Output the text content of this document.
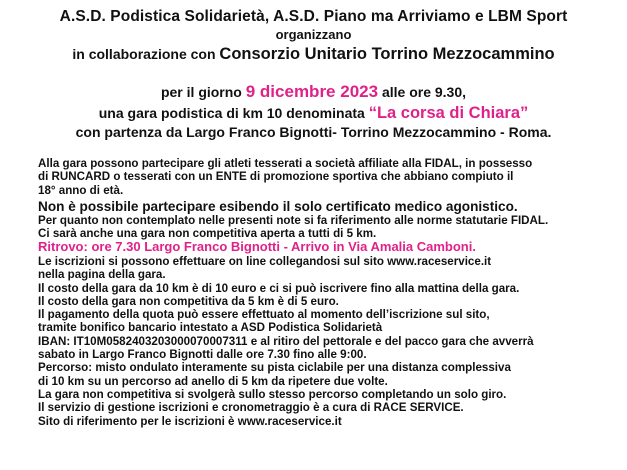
A.S.D. Podistica Solidarietà, A.S.D. Piano ma Arriviamo e LBM Sport
organizzano
in collaborazione con Consorzio Unitario Torrino Mezzocammino
per il giorno 9 dicembre 2023 alle ore 9.30,
una gara podistica di km 10 denominata “La corsa di Chiara”
con partenza da Largo Franco Bignotti- Torrino Mezzocammino - Roma.

Alla gara possono partecipare gli atleti tesserati a società affiliate alla FIDAL, in possesso

di RUNCARD o tesserati con un ENTE di promozione sportiva che abbiano compiuto il

18° anno di età.

Non è possibile partecipare esibendo il solo certificato medico agonistico.

Per quanto non contemplato nelle presenti note si fa riferimento alle norme statutarie FIDAL.

Ci sarà anche una gara non competitiva aperta a tutti di 5 km.

Ritrovo: ore 7.30 Largo Franco Bignotti - Arrivo in Via Amalia Camboni.

Le iscrizioni si possono effettuare on line collegandosi sul sito www.raceservice.it

nella pagina della gara.

Il costo della gara da 10 km è di 10 euro e ci si può iscrivere fino alla mattina della gara.

Il costo della gara non competitiva da 5 km è di 5 euro.

Il pagamento della quota può essere effettuato al momento dell’iscrizione sul sito,

tramite bonifico bancario intestato a ASD Podistica Solidarietà

IBAN: IT10M0582403203000070007311 e al ritiro del pettorale e del pacco gara che avverrà

sabato in Largo Franco Bignotti dalle ore 7.30 fino alle 9:00.

Percorso: misto ondulato interamente su pista ciclabile per una distanza complessiva

di 10 km su un percorso ad anello di 5 km da ripetere due volte.

La gara non competitiva si svolgerà sullo stesso percorso completando un solo giro.

Il servizio di gestione iscrizioni e cronometraggio è a cura di RACE SERVICE.

Sito di riferimento per le iscrizioni è www.raceservice.it
